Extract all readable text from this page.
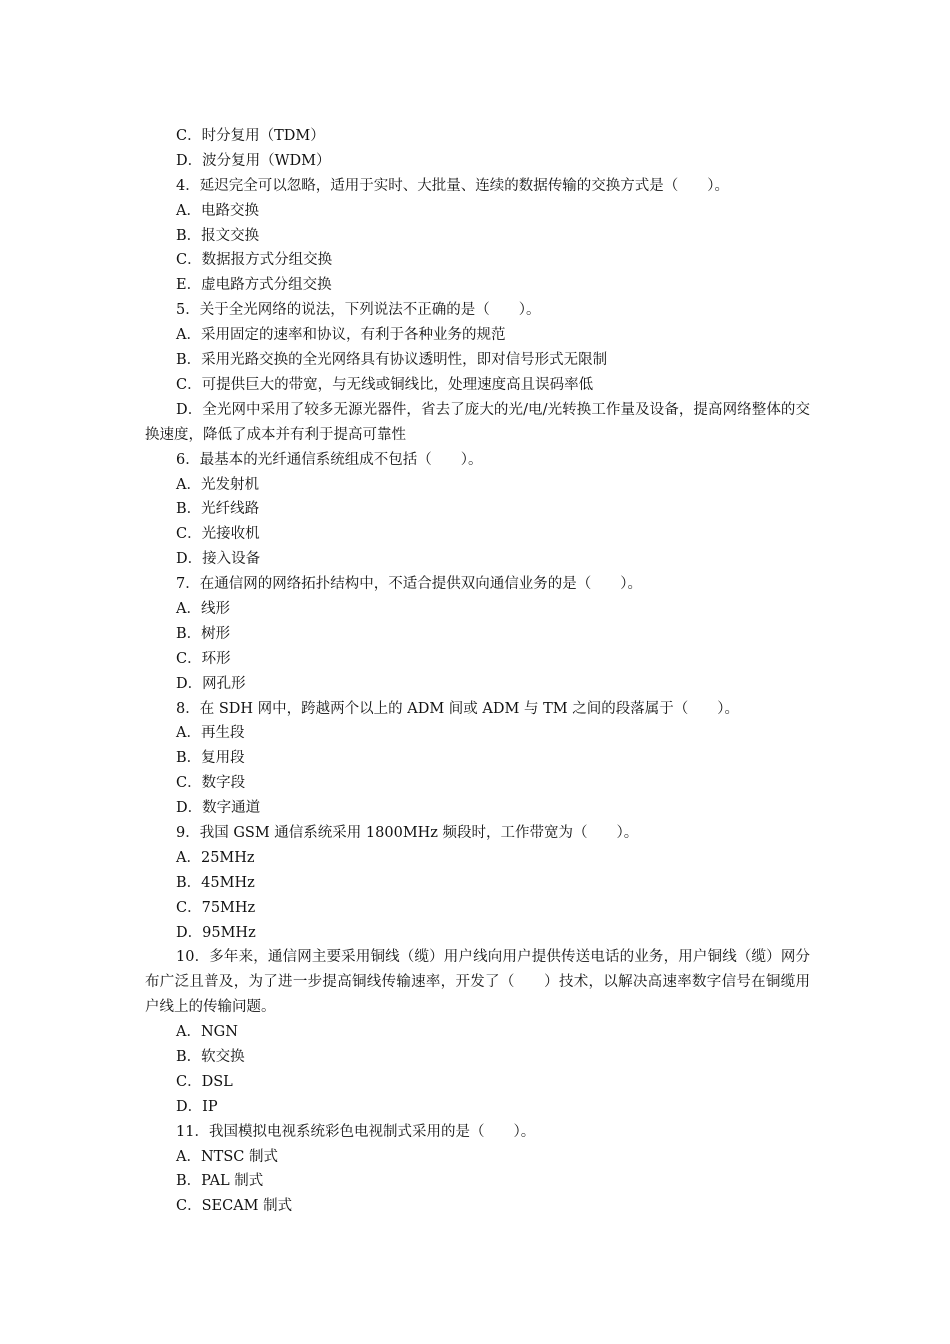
C．时分复用（TDM）
D．波分复用（WDM）
4．延迟完全可以忽略，适用于实时、大批量、连续的数据传输的交换方式是（　　）。
A．电路交换
B．报文交换
C．数据报方式分组交换
E．虚电路方式分组交换
5．关于全光网络的说法，下列说法不正确的是（　　）。
A．采用固定的速率和协议，有利于各种业务的规范
B．采用光路交换的全光网络具有协议透明性，即对信号形式无限制
C．可提供巨大的带宽，与无线或铜线比，处理速度高且误码率低
D．全光网中采用了较多无源光器件，省去了庞大的光/电/光转换工作量及设备，提高网络整体的交换速度，降低了成本并有利于提高可靠性
6．最基本的光纤通信系统组成不包括（　　）。
A．光发射机
B．光纤线路
C．光接收机
D．接入设备
7．在通信网的网络拓扑结构中，不适合提供双向通信业务的是（　　）。
A．线形
B．树形
C．环形
D．网孔形
8．在 SDH 网中，跨越两个以上的 ADM 间或 ADM 与 TM 之间的段落属于（　　）。
A．再生段
B．复用段
C．数字段
D．数字通道
9．我国 GSM 通信系统采用 1800MHz 频段时，工作带宽为（　　）。
A．25MHz
B．45MHz
C．75MHz
D．95MHz
10．多年来，通信网主要采用铜线（缆）用户线向用户提供传送电话的业务，用户铜线（缆）网分布广泛且普及，为了进一步提高铜线传输速率，开发了（　　）技术，以解决高速率数字信号在铜缆用户线上的传输问题。
A．NGN
B．软交换
C．DSL
D．IP
11．我国模拟电视系统彩色电视制式采用的是（　　）。
A．NTSC 制式
B．PAL 制式
C．SECAM 制式
